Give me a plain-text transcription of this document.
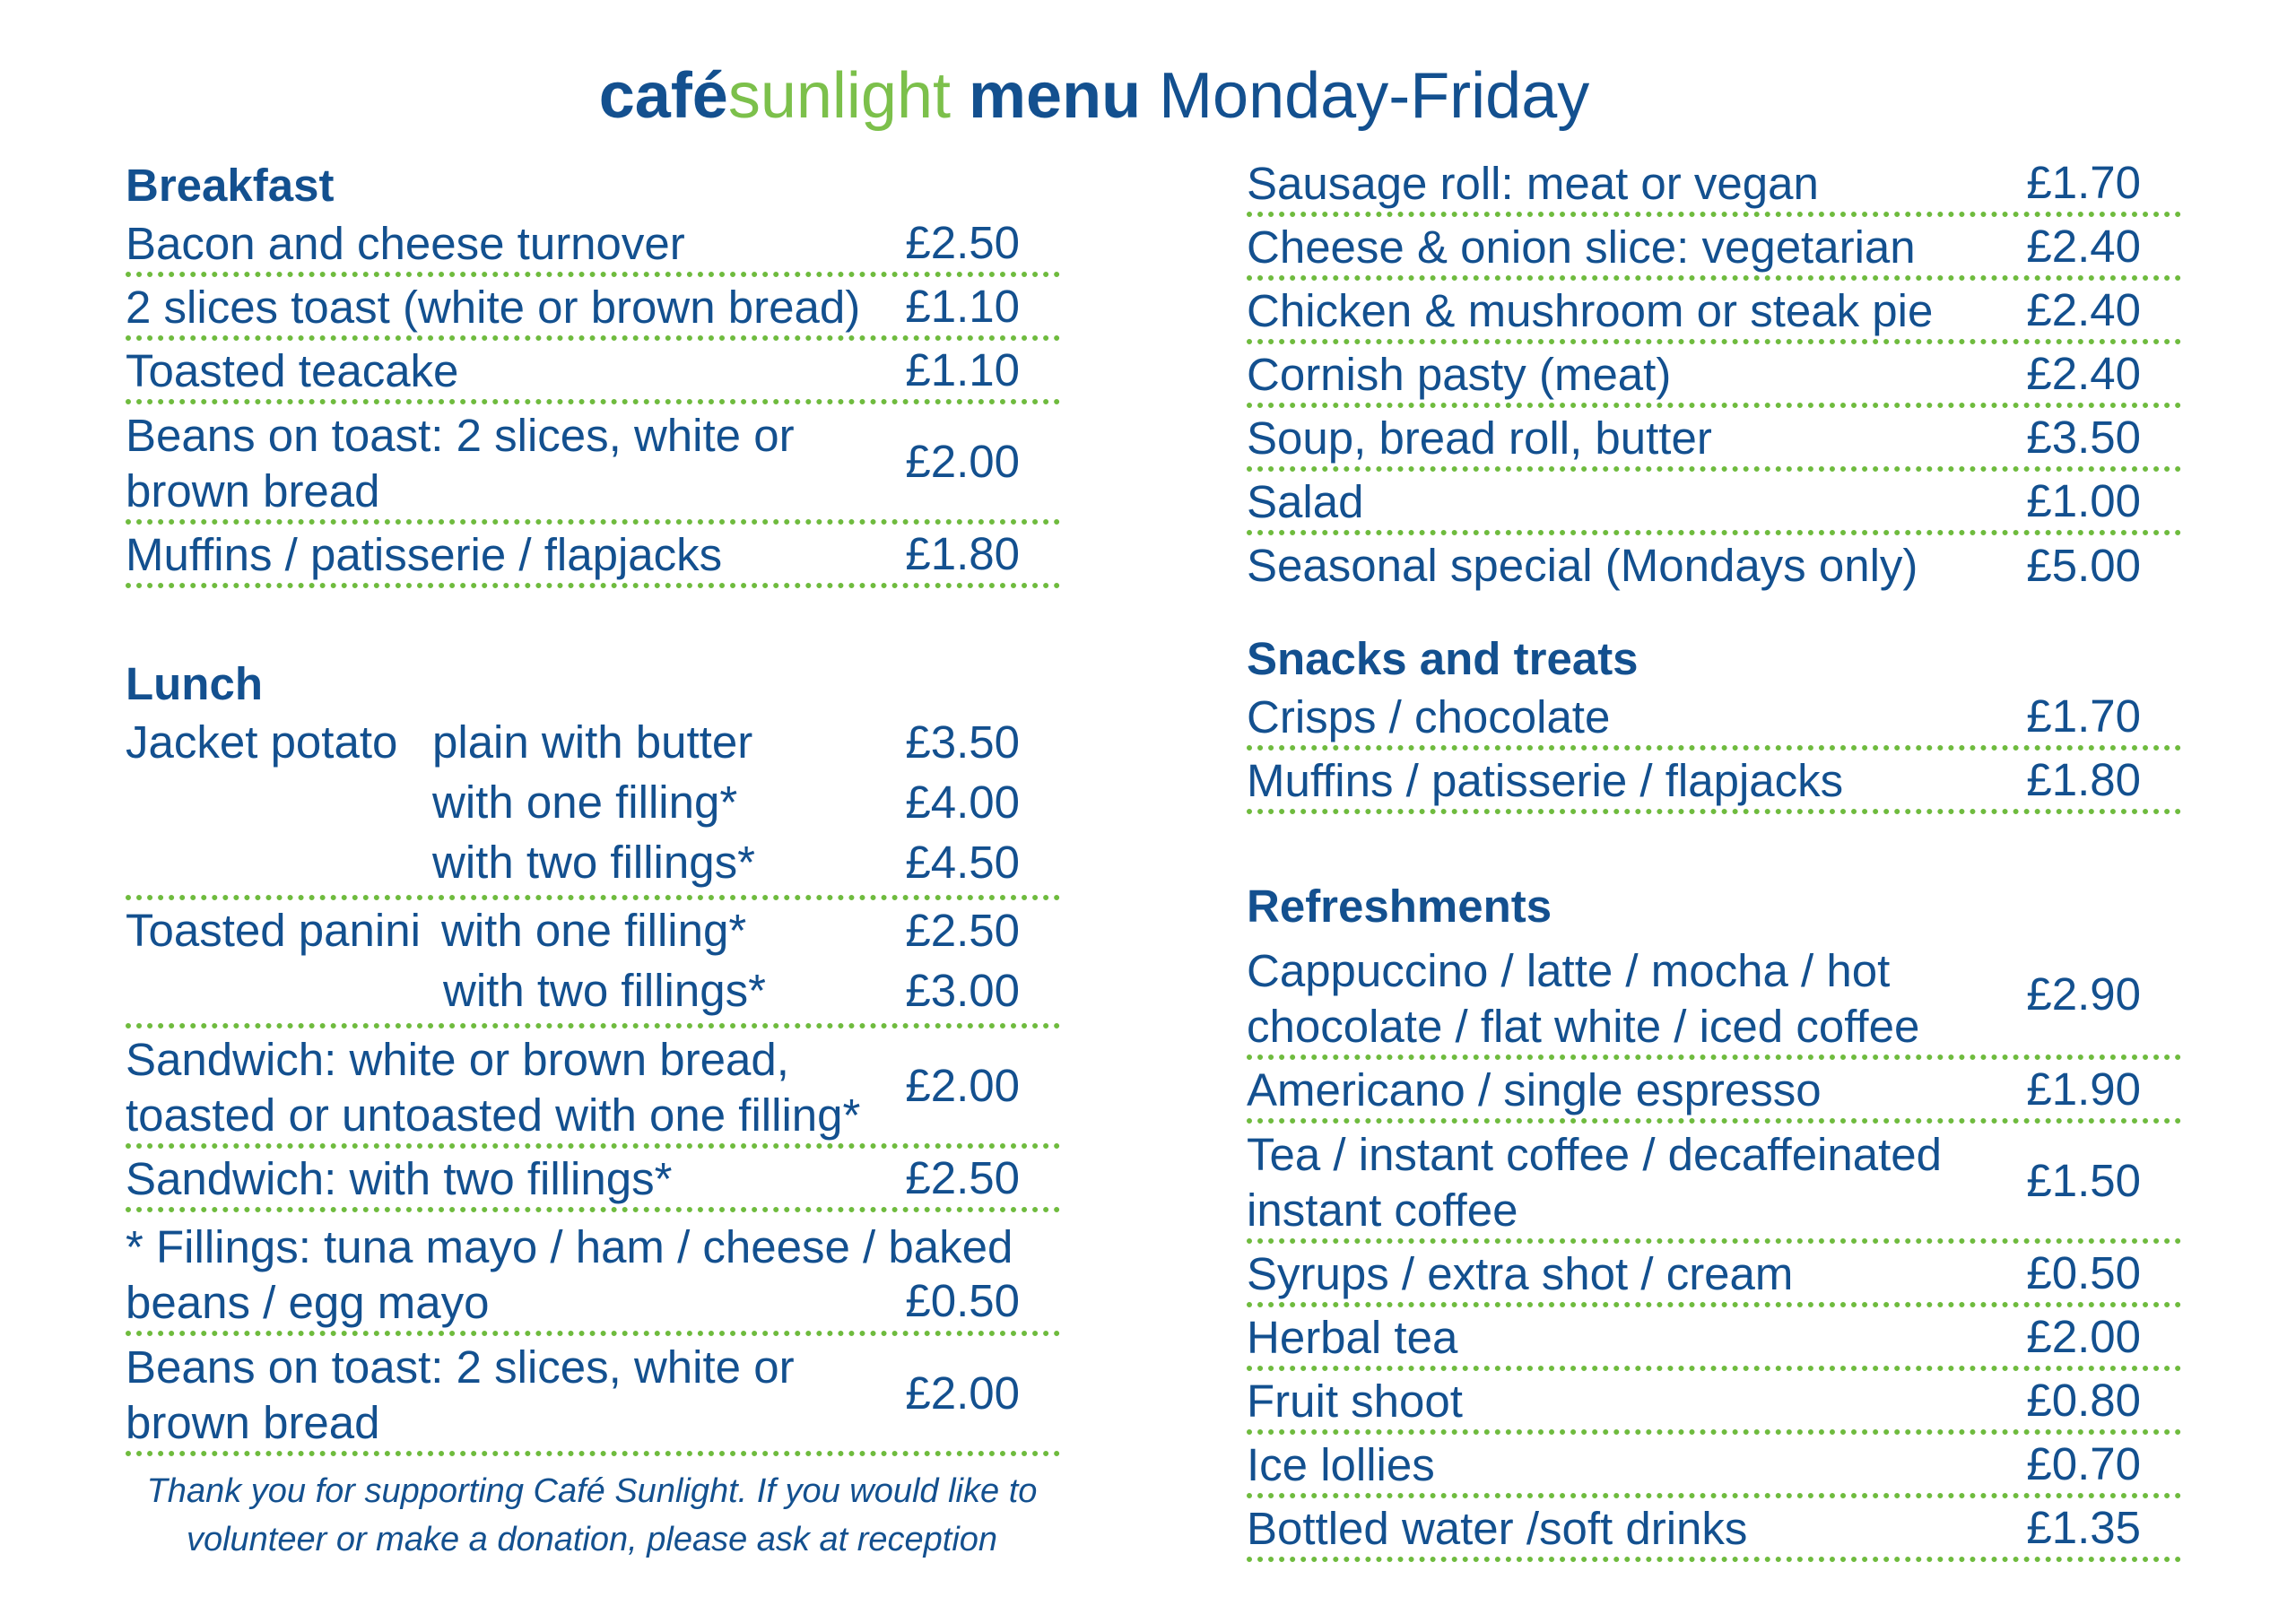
cafésunlight menu Monday-Friday
Breakfast
Bacon and cheese turnover	£2.50
2 slices toast (white or brown bread) £1.10
Toasted teacake	£1.10
Beans on toast: 2 slices, white or brown bread
£2.00
Muffins / patisserie / flapjacks	£1.80
Lunch
Jacket potato plain with butter	£3.50
with one filling*	£4.00
with two fillings*	£4.50
Toasted panini with one filling*	£2.50
with two fillings*	£3.00
Sandwich: white or brown bread, toasted or untoasted with one filling*
£2.00
Sandwich: with two fillings*	£2.50
* Fillings: tuna mayo / ham / cheese / baked beans / egg mayo	£0.50
Beans on toast: 2 slices, white or brown bread
£2.00
Thank you for supporting Café Sunlight. If you would like to volunteer or make a donation, please ask at reception
Sausage roll: meat or vegan	£1.70
Cheese & onion slice: vegetarian	£2.40
Chicken & mushroom or steak pie	£2.40
Cornish pasty (meat)	£2.40
Soup, bread roll, butter	£3.50
Salad	£1.00
Seasonal special (Mondays only)	£5.00
Snacks and treats
Crisps / chocolate	£1.70
Muffins / patisserie / flapjacks	£1.80
Refreshments
Cappuccino / latte / mocha / hot chocolate / flat white / iced coffee
£2.90
Americano / single espresso	£1.90
Tea / instant coffee / decaffeinated instant coffee
£1.50
Syrups / extra shot / cream	£0.50
Herbal tea	£2.00
Fruit shoot	£0.80
Ice lollies	£0.70
Bottled water /soft drinks	£1.35
